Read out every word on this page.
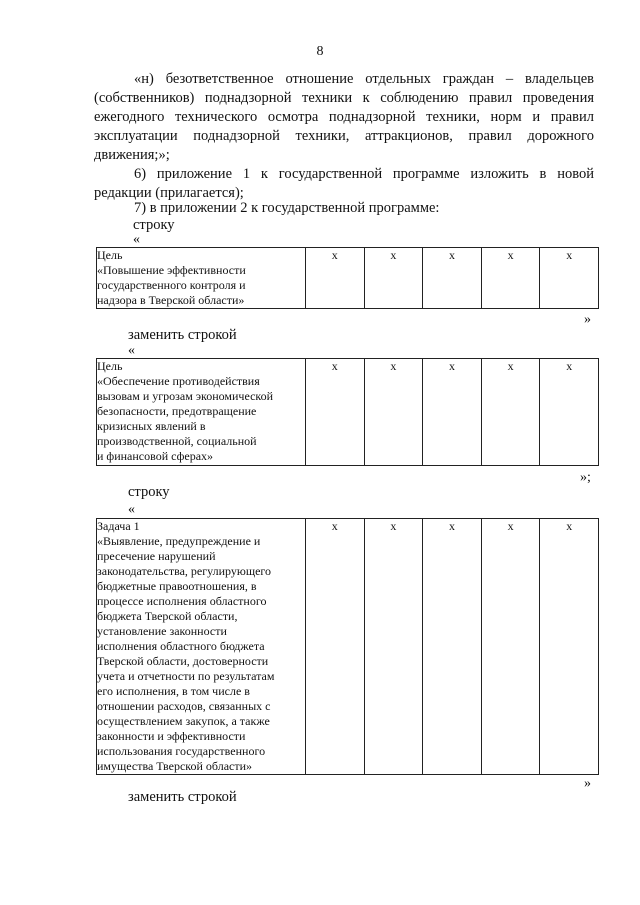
8
«н) безответственное отношение отдельных граждан – владельцев (собственников) поднадзорной техники к соблюдению правил проведения ежегодного технического осмотра поднадзорной техники, норм и правил эксплуатации поднадзорной техники, аттракционов, правил дорожного движения;»;
6) приложение 1 к государственной программе изложить в новой редакции (прилагается);
7) в приложении 2 к государственной программе:
строку
«
Цель
«Повышение эффективности
государственного контроля и
надзора в Тверской области»
	x	x	x	x	x
»
заменить строкой
«
Цель
«Обеспечение противодействия
вызовам и угрозам экономической
безопасности, предотвращение
кризисных явлений в
производственной, социальной
и финансовой сферах»
	x	x	x	x	x
»;
строку
«
Задача 1
«Выявление, предупреждение и
пресечение нарушений
законодательства, регулирующего
бюджетные правоотношения, в
процессе исполнения областного
бюджета Тверской области,
установление законности
исполнения областного бюджета
Тверской области, достоверности
учета и отчетности по результатам
его исполнения, в том числе в
отношении расходов, связанных с
осуществлением закупок, а также
законности и эффективности
использования государственного
имущества Тверской области»
	x	x	x	x	x
»
заменить строкой
